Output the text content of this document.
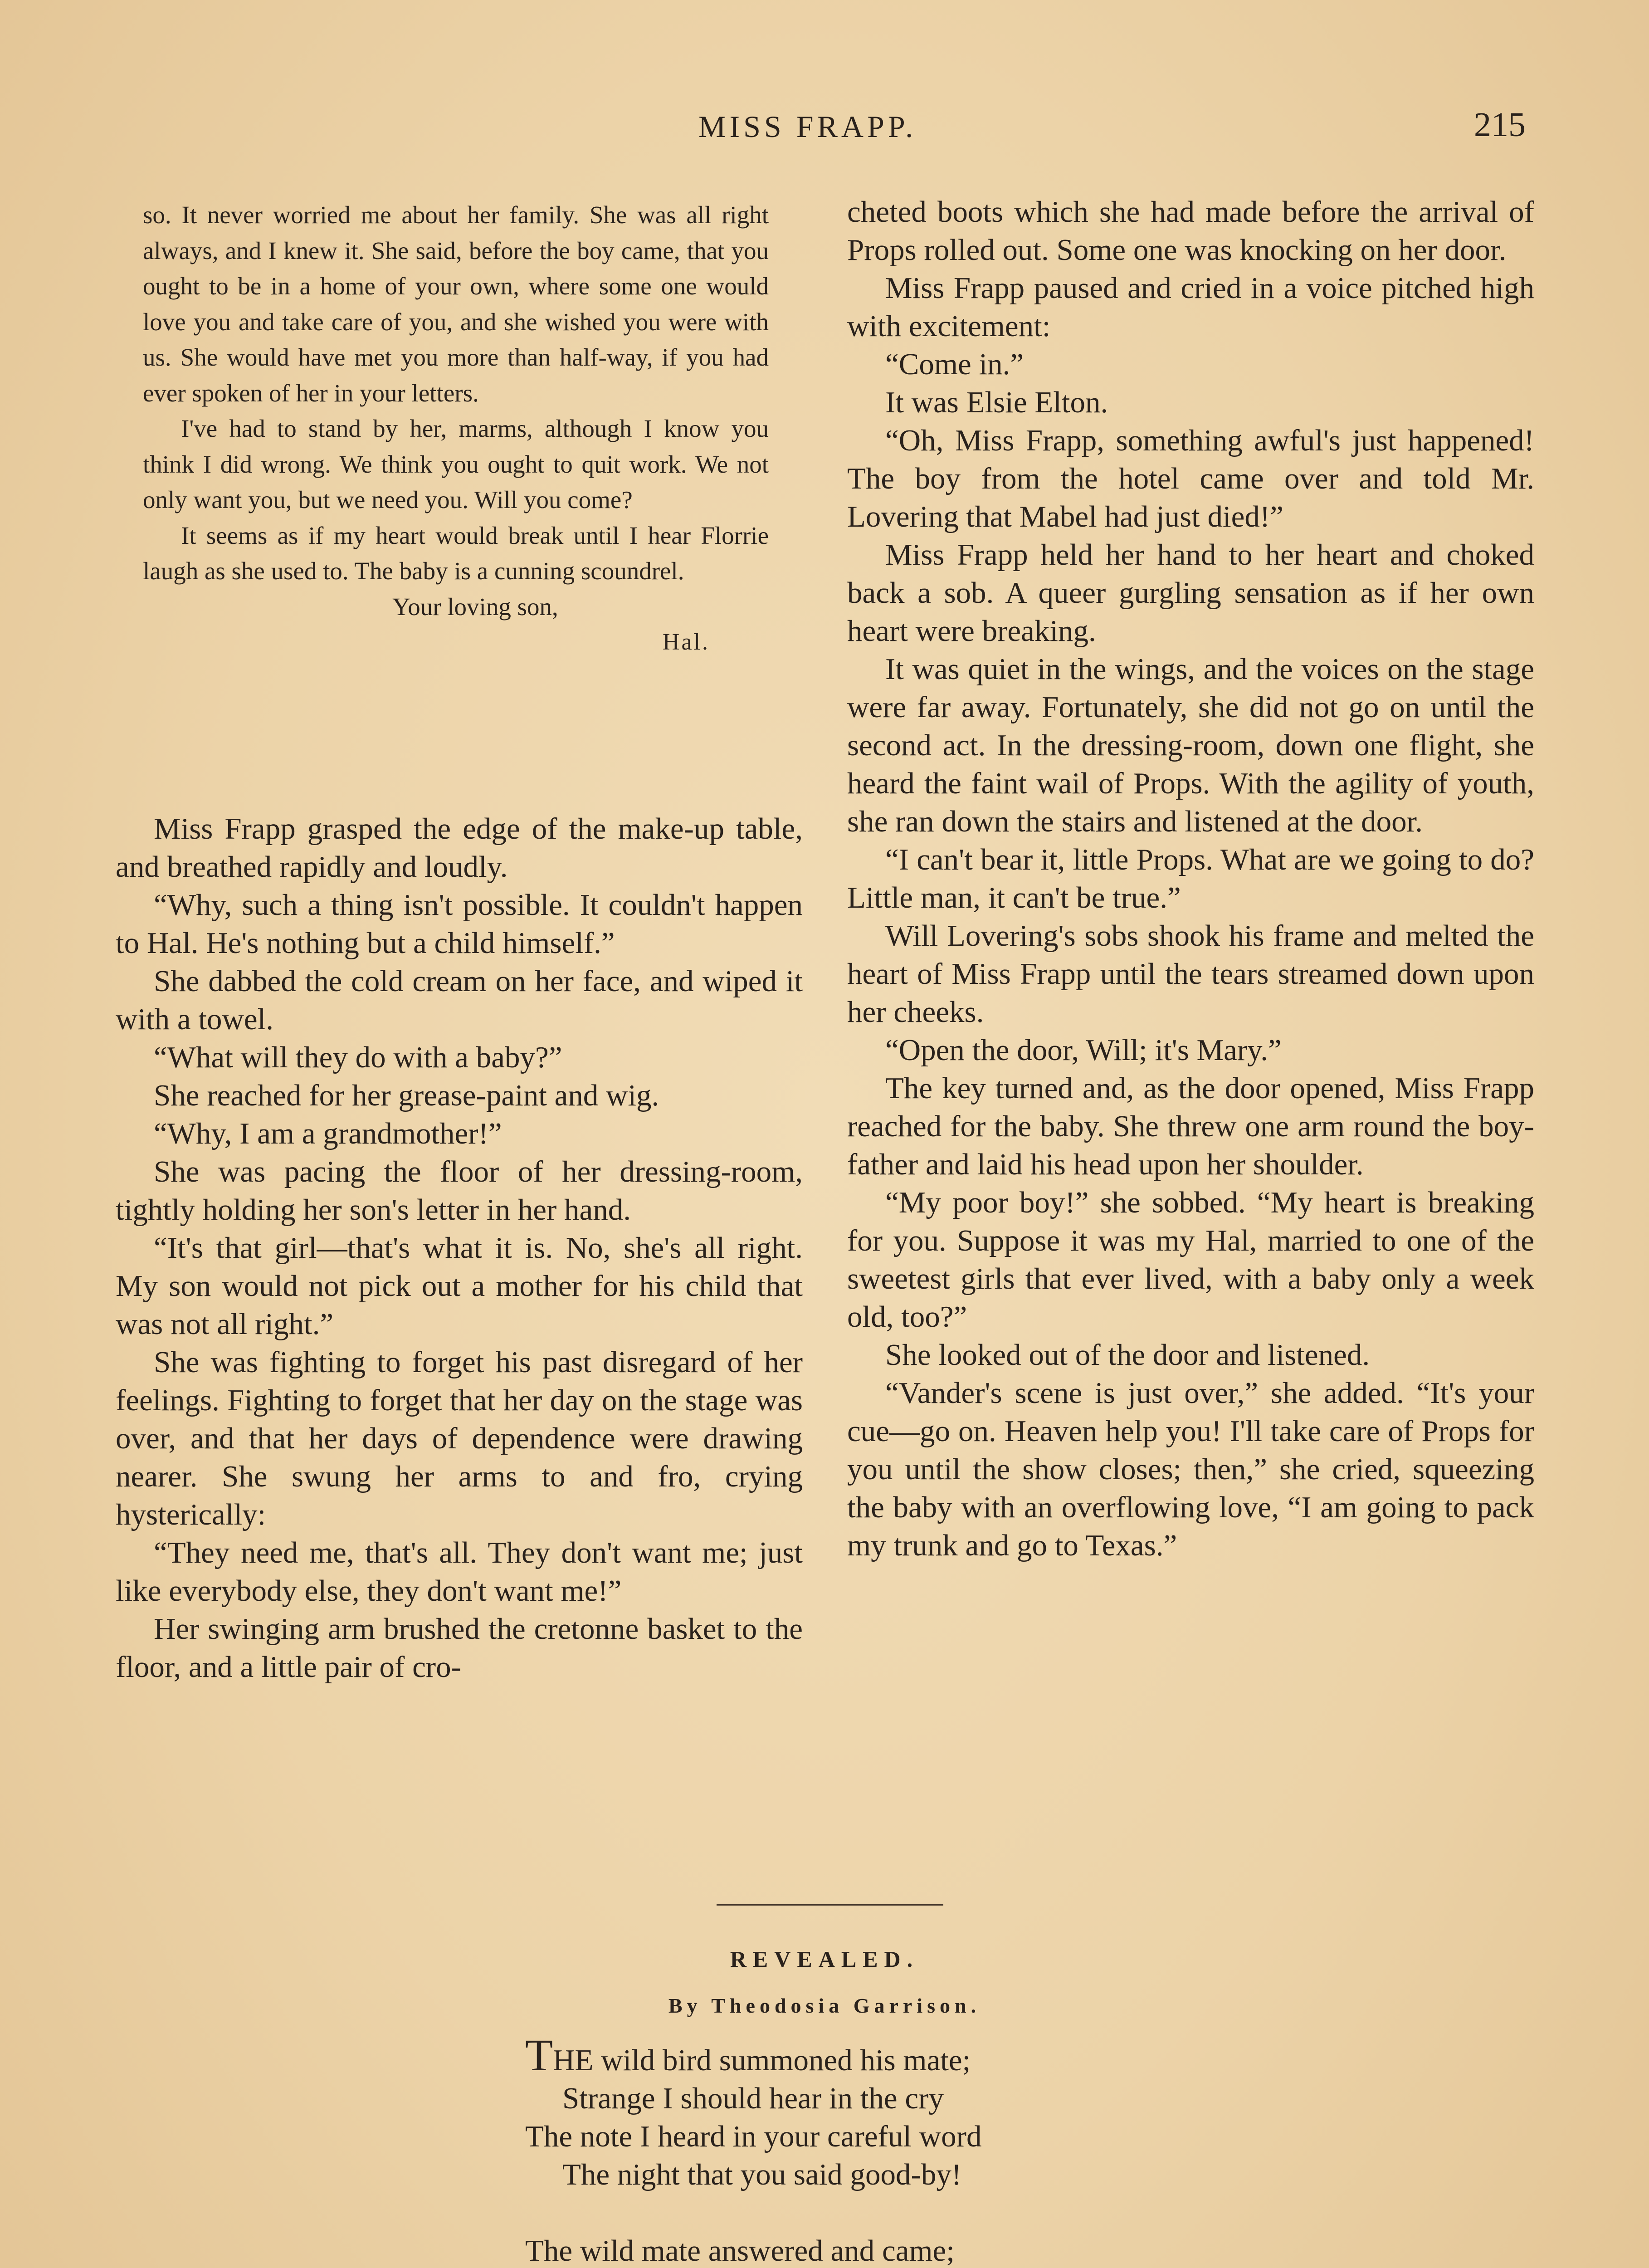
MISS FRAPP.	215

so. It never worried me about her family. She was all right always, and I knew it. She said, before the boy came, that you ought to be in a home of your own, where some one would love you and take care of you, and she wished you were with us. She would have met you more than half-way, if you had ever spoken of her in your letters.

I've had to stand by her, marms, although I know you think I did wrong. We think you ought to quit work. We not only want you, but we need you. Will you come?

It seems as if my heart would break until I hear Florrie laugh as she used to. The baby is a cunning scoundrel.

Your loving son,
Hal.

Miss Frapp grasped the edge of the make-up table, and breathed rapidly and loudly.

“Why, such a thing isn't possible. It couldn't happen to Hal. He's nothing but a child himself.”

She dabbed the cold cream on her face, and wiped it with a towel.

“What will they do with a baby?”

She reached for her grease-paint and wig.

“Why, I am a grandmother!”

She was pacing the floor of her dressing-room, tightly holding her son's letter in her hand.

“It's that girl—that's what it is. No, she's all right. My son would not pick out a mother for his child that was not all right.”

She was fighting to forget his past disregard of her feelings. Fighting to forget that her day on the stage was over, and that her days of dependence were drawing nearer. She swung her arms to and fro, crying hysterically:

“They need me, that's all. They don't want me; just like everybody else, they don't want me!”

Her swinging arm brushed the cretonne basket to the floor, and a little pair of cro-

cheted boots which she had made before the arrival of Props rolled out. Some one was knocking on her door.

Miss Frapp paused and cried in a voice pitched high with excitement:

“Come in.”

It was Elsie Elton.

“Oh, Miss Frapp, something awful's just happened! The boy from the hotel came over and told Mr. Lovering that Mabel had just died!”

Miss Frapp held her hand to her heart and choked back a sob. A queer gurgling sensation as if her own heart were breaking.

It was quiet in the wings, and the voices on the stage were far away. Fortunately, she did not go on until the second act. In the dressing-room, down one flight, she heard the faint wail of Props. With the agility of youth, she ran down the stairs and listened at the door.

“I can't bear it, little Props. What are we going to do? Little man, it can't be true.”

Will Lovering's sobs shook his frame and melted the heart of Miss Frapp until the tears streamed down upon her cheeks.

“Open the door, Will; it's Mary.”

The key turned and, as the door opened, Miss Frapp reached for the baby. She threw one arm round the boy-father and laid his head upon her shoulder.

“My poor boy!” she sobbed. “My heart is breaking for you. Suppose it was my Hal, married to one of the sweetest girls that ever lived, with a baby only a week old, too?”

She looked out of the door and listened.

“Vander's scene is just over,” she added. “It's your cue—go on. Heaven help you! I'll take care of Props for you until the show closes; then,” she cried, squeezing the baby with an overflowing love, “I am going to pack my trunk and go to Texas.”

REVEALED.
By Theodosia Garrison.
THE wild bird summoned his mate;
Strange I should hear in the cry
The note I heard in your careful word
The night that you said good-by!
The wild mate answered and came;
